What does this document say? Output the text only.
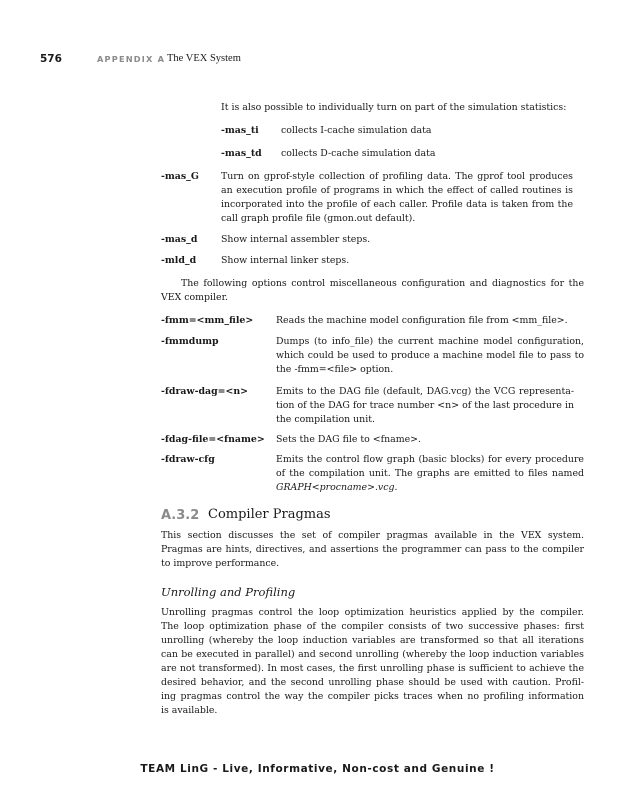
576	APPENDIX A The VEX System
It is also possible to individually turn on part of the simulation statistics:
-mas_ti collects I-cache simulation data
-mas_td collects D-cache simulation data
-mas_G Turn on gprof-style collection of profiling data. The gprof tool produces
an execution profile of programs in which the effect of called routines is
incorporated into the profile of each caller. Profile data is taken from the
call graph profile file (gmon.out default).
-mas_d	Show internal assembler steps.
-mld_d	Show internal linker steps.
The following options control miscellaneous configuration and diagnostics for the
VEX compiler.
-fmm=<mm_file> Reads the machine model configuration file from <mm_file>.
-fmmdump	Dumps (to info_file) the current machine model configuration,
which could be used to produce a machine model file to pass to
the -fmm=<file> option.
-fdraw-dag=<n>	Emits to the DAG file (default, DAG.vcg) the VCG representa-
tion of the DAG for trace number <n> of the last procedure in
the compilation unit.
-fdag-file=<fname> Sets the DAG file to <fname>.
-fdraw-cfg	Emits the control flow graph (basic blocks) for every procedure
of the compilation unit. The graphs are emitted to files named
GRAPH<procname>.vcg.
A.3.2 Compiler Pragmas
This section discusses the set of compiler pragmas available in the VEX system.
Pragmas are hints, directives, and assertions the programmer can pass to the compiler
to improve performance.
Unrolling and Profiling
Unrolling pragmas control the loop optimization heuristics applied by the compiler.
The loop optimization phase of the compiler consists of two successive phases: first
unrolling (whereby the loop induction variables are transformed so that all iterations
can be executed in parallel) and second unrolling (whereby the loop induction variables
are not transformed). In most cases, the first unrolling phase is sufficient to achieve the
desired behavior, and the second unrolling phase should be used with caution. Profil-
ing pragmas control the way the compiler picks traces when no profiling information
is available.
TEAM LinG - Live, Informative, Non-cost and Genuine !
